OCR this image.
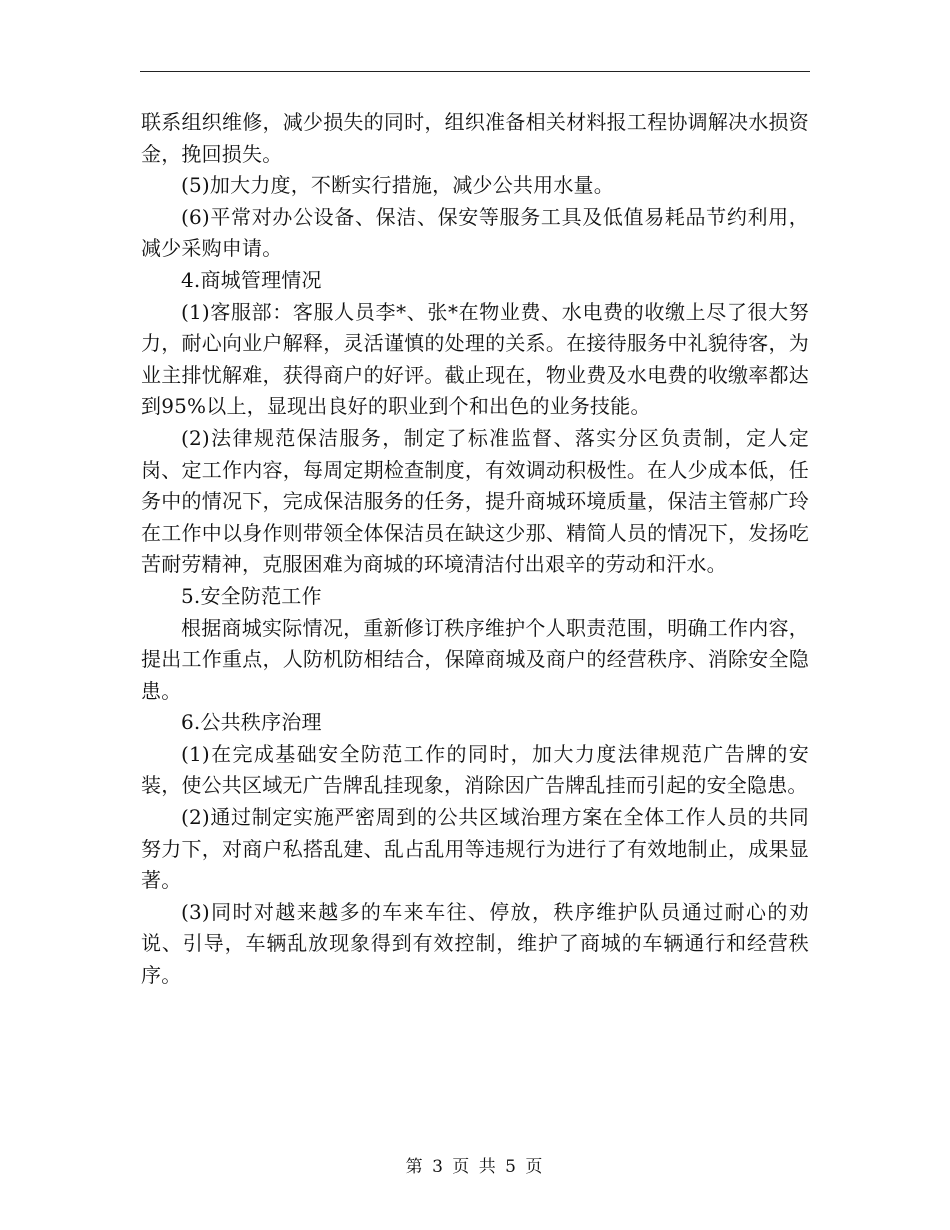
联系组织维修，减少损失的同时，组织准备相关材料报工程协调解决水损资金，挽回损失。

(5)加大力度，不断实行措施，减少公共用水量。

(6)平常对办公设备、保洁、保安等服务工具及低值易耗品节约利用，减少采购申请。

4.商城管理情况

(1)客服部：客服人员李*、张*在物业费、水电费的收缴上尽了很大努力，耐心向业户解释，灵活谨慎的处理的关系。在接待服务中礼貌待客，为业主排忧解难，获得商户的好评。截止现在，物业费及水电费的收缴率都达到95%以上，显现出良好的职业到个和出色的业务技能。

(2)法律规范保洁服务，制定了标准监督、落实分区负责制，定人定岗、定工作内容，每周定期检查制度，有效调动积极性。在人少成本低，任务中的情况下，完成保洁服务的任务，提升商城环境质量，保洁主管郝广玲在工作中以身作则带领全体保洁员在缺这少那、精简人员的情况下，发扬吃苦耐劳精神，克服困难为商城的环境清洁付出艰辛的劳动和汗水。

5.安全防范工作

根据商城实际情况，重新修订秩序维护个人职责范围，明确工作内容，提出工作重点，人防机防相结合，保障商城及商户的经营秩序、消除安全隐患。

6.公共秩序治理

(1)在完成基础安全防范工作的同时，加大力度法律规范广告牌的安装，使公共区域无广告牌乱挂现象，消除因广告牌乱挂而引起的安全隐患。

(2)通过制定实施严密周到的公共区域治理方案在全体工作人员的共同努力下，对商户私搭乱建、乱占乱用等违规行为进行了有效地制止，成果显著。

(3)同时对越来越多的车来车往、停放，秩序维护队员通过耐心的劝说、引导，车辆乱放现象得到有效控制，维护了商城的车辆通行和经营秩序。

第 3 页 共 5 页
